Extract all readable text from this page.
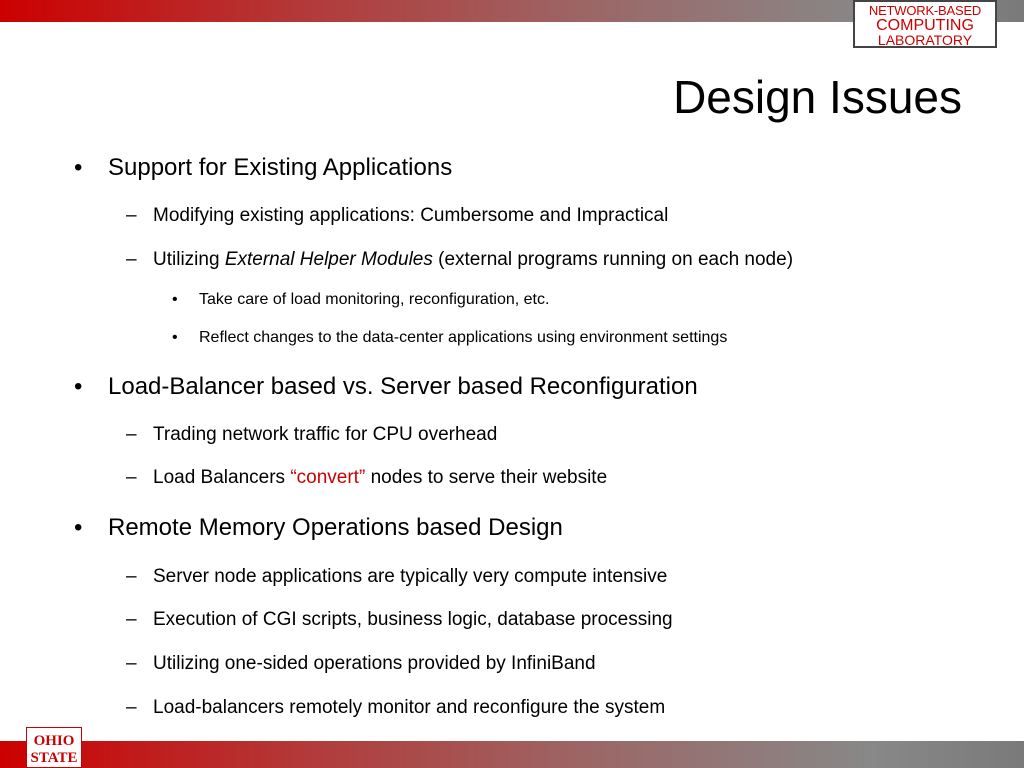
NETWORK-BASED
COMPUTING
LABORATORY
Design Issues
• Support for Existing Applications
– Modifying existing applications: Cumbersome and Impractical
– Utilizing External Helper Modules (external programs running on each node)
• Take care of load monitoring, reconfiguration, etc.
• Reflect changes to the data-center applications using environment settings
• Load-Balancer based vs. Server based Reconfiguration
– Trading network traffic for CPU overhead
– Load Balancers “convert” nodes to serve their website
• Remote Memory Operations based Design
– Server node applications are typically very compute intensive
– Execution of CGI scripts, business logic, database processing
– Utilizing one-sided operations provided by InfiniBand
– Load-balancers remotely monitor and reconfigure the system
OHIO
STATE
